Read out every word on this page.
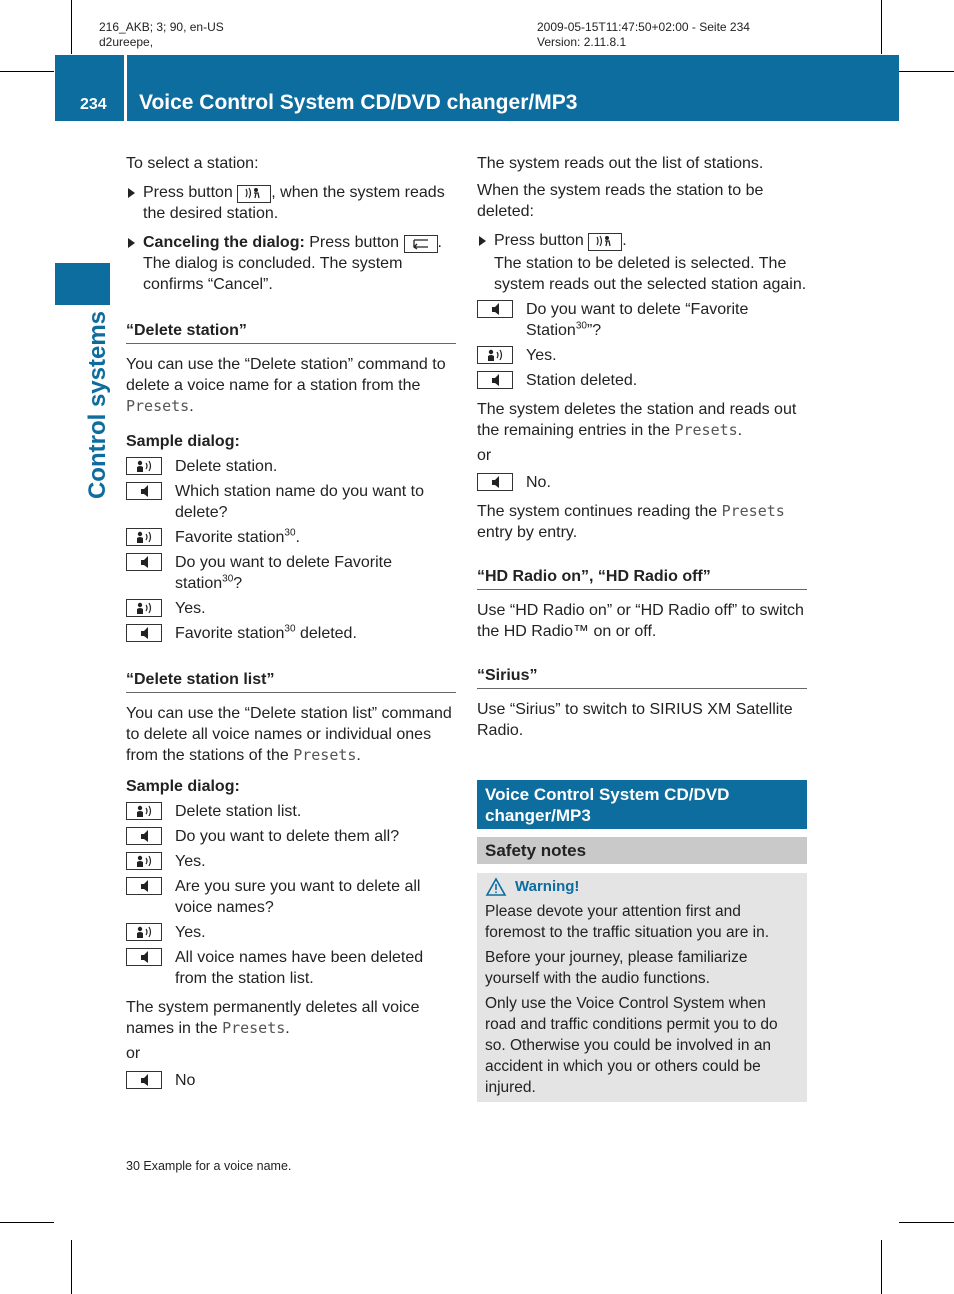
216_AKB; 3; 90, en-US
d2ureepe,
2009-05-15T11:47:50+02:00 - Seite 234
Version: 2.11.8.1
234 Voice Control System CD/DVD changer/MP3
Control systems

To select a station:

Press button , when the system reads the desired station.
Canceling the dialog: Press button . The dialog is concluded. The system confirms “Cancel”.
“Delete station”

You can use the “Delete station” command to delete a voice name for a station from the Presets.

Sample dialog:

Delete station.
Which station name do you want to delete?
Favorite station$^{30}$.
Do you want to delete Favorite station$^{30}$?
Yes.
Favorite station$^{30}$ deleted.
“Delete station list”

You can use the “Delete station list” command to delete all voice names or individual ones from the stations of the Presets.

Sample dialog:

Delete station list.
Do you want to delete them all?
Yes.
Are you sure you want to delete all voice names?
Yes.
All voice names have been deleted from the station list.

The system permanently deletes all voice names in the Presets.

or

No

The system reads out the list of stations.

When the system reads the station to be deleted:

Press button .
The station to be deleted is selected. The system reads out the selected station again.
Do you want to delete “Favorite Station$^{30}$”?
Yes.
Station deleted.

The system deletes the station and reads out the remaining entries in the Presets.

or

No.

The system continues reading the Presets entry by entry.

“HD Radio on”, “HD Radio off”

Use “HD Radio on” or “HD Radio off” to switch the HD Radio™ on or off.

“Sirius”

Use “Sirius” to switch to SIRIUS XM Satellite Radio.

Voice Control System CD/DVD changer/MP3
Safety notes
Warning!

Please devote your attention first and foremost to the traffic situation you are in.

Before your journey, please familiarize yourself with the audio functions.

Only use the Voice Control System when road and traffic conditions permit you to do so. Otherwise you could be involved in an accident in which you or others could be injured.

30 Example for a voice name.
